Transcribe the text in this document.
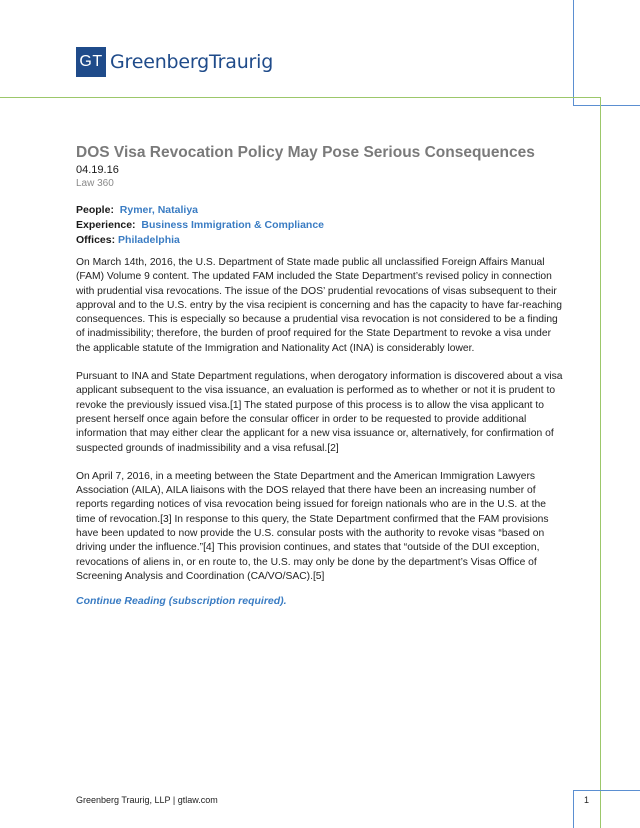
GT GreenbergTraurig
DOS Visa Revocation Policy May Pose Serious Consequences
04.19.16
Law 360
People: Rymer, Nataliya
Experience: Business Immigration & Compliance
Offices: Philadelphia

On March 14th, 2016, the U.S. Department of State made public all unclassified Foreign Affairs Manual (FAM) Volume 9 content. The updated FAM included the State Department’s revised policy in connection with prudential visa revocations. The issue of the DOS’ prudential revocations of visas subsequent to their approval and to the U.S. entry by the visa recipient is concerning and has the capacity to have far-reaching consequences. This is especially so because a prudential visa revocation is not considered to be a finding of inadmissibility; therefore, the burden of proof required for the State Department to revoke a visa under the applicable statute of the Immigration and Nationality Act (INA) is considerably lower.

Pursuant to INA and State Department regulations, when derogatory information is discovered about a visa applicant subsequent to the visa issuance, an evaluation is performed as to whether or not it is prudent to revoke the previously issued visa.[1] The stated purpose of this process is to allow the visa applicant to present herself once again before the consular officer in order to be requested to provide additional information that may either clear the applicant for a new visa issuance or, alternatively, for confirmation of suspected grounds of inadmissibility and a visa refusal.[2]

On April 7, 2016, in a meeting between the State Department and the American Immigration Lawyers Association (AILA), AILA liaisons with the DOS relayed that there have been an increasing number of reports regarding notices of visa revocation being issued for foreign nationals who are in the U.S. at the time of revocation.[3] In response to this query, the State Department confirmed that the FAM provisions have been updated to now provide the U.S. consular posts with the authority to revoke visas “based on driving under the influence.”[4] This provision continues, and states that “outside of the DUI exception, revocations of aliens in, or en route to, the U.S. may only be done by the department’s Visas Office of Screening Analysis and Coordination (CA/VO/SAC).[5]

Continue Reading (subscription required).
Greenberg Traurig, LLP | gtlaw.com	1
